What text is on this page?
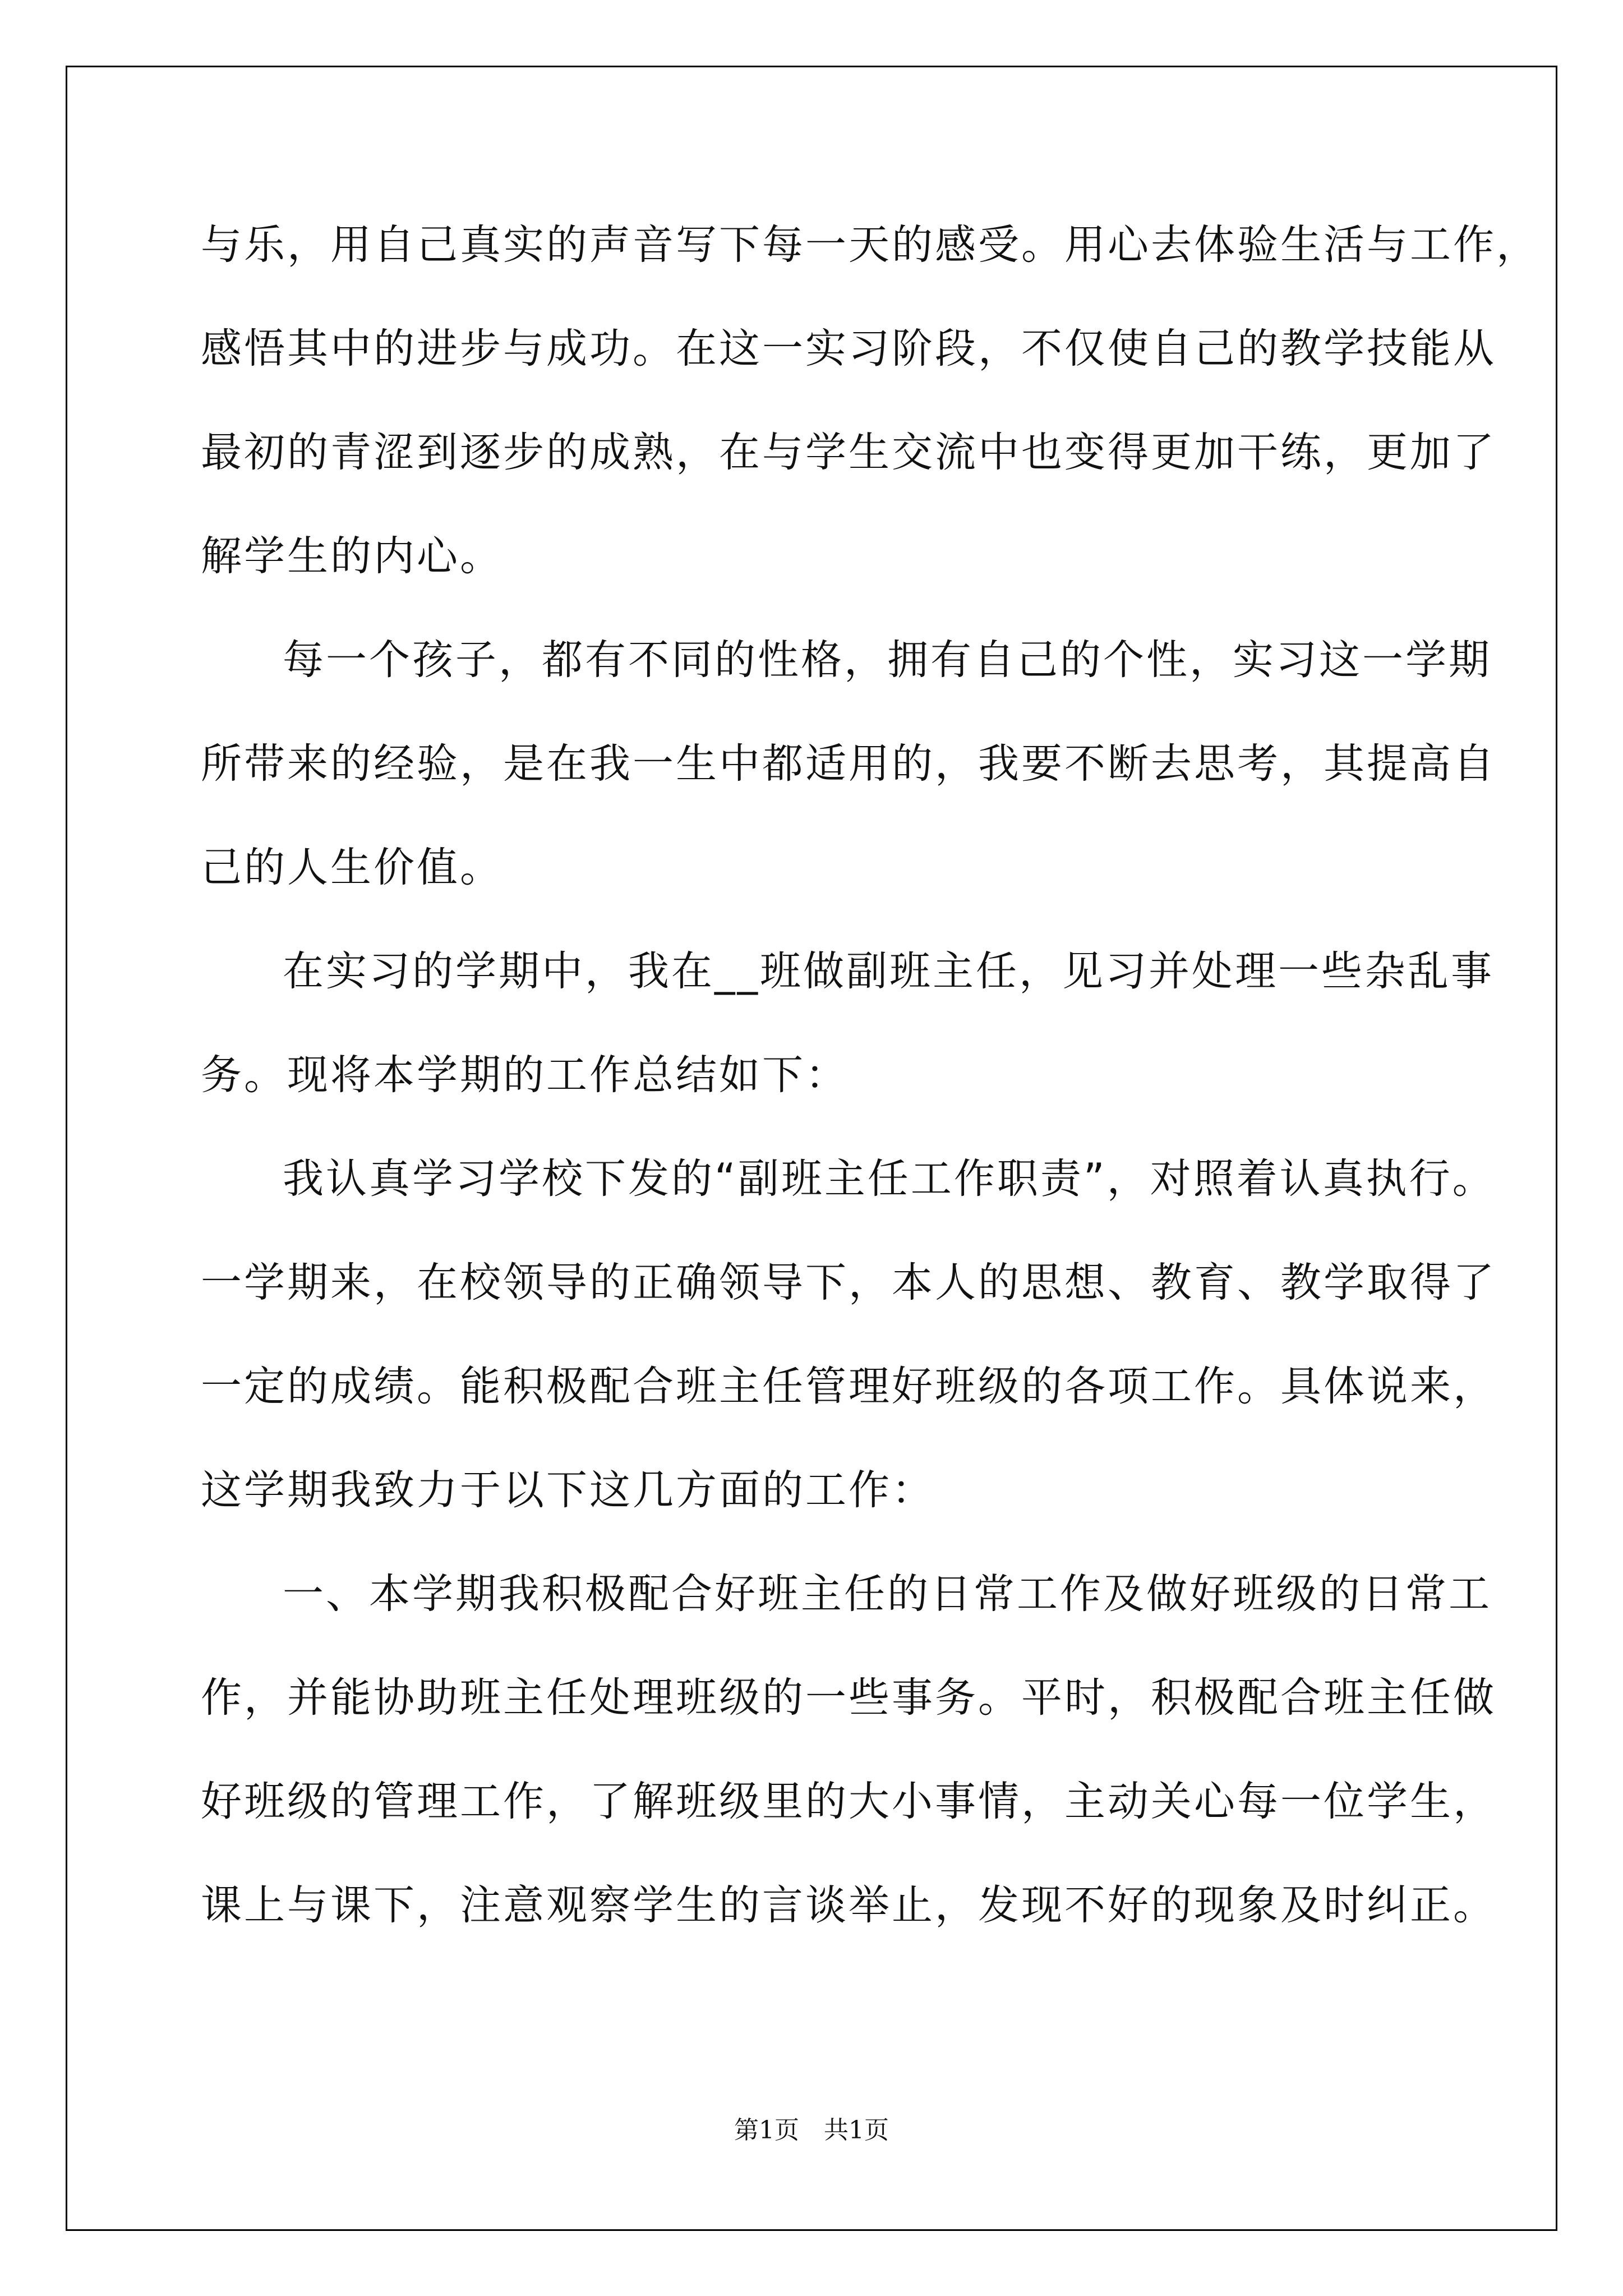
与乐，用自己真实的声音写下每一天的感受。用心去体验生活与工作，
感悟其中的进步与成功。在这一实习阶段，不仅使自己的教学技能从
最初的青涩到逐步的成熟，在与学生交流中也变得更加干练，更加了
解学生的内心。
每一个孩子，都有不同的性格，拥有自己的个性，实习这一学期
所带来的经验，是在我一生中都适用的，我要不断去思考，其提高自
己的人生价值。
在实习的学期中，我在__班做副班主任，见习并处理一些杂乱事
务。现将本学期的工作总结如下：
我认真学习学校下发的“副班主任工作职责”，对照着认真执行。
一学期来，在校领导的正确领导下，本人的思想、教育、教学取得了
一定的成绩。能积极配合班主任管理好班级的各项工作。具体说来，
这学期我致力于以下这几方面的工作：
一、本学期我积极配合好班主任的日常工作及做好班级的日常工
作，并能协助班主任处理班级的一些事务。平时，积极配合班主任做
好班级的管理工作，了解班级里的大小事情，主动关心每一位学生，
课上与课下，注意观察学生的言谈举止，发现不好的现象及时纠正。
第1页　共1页
